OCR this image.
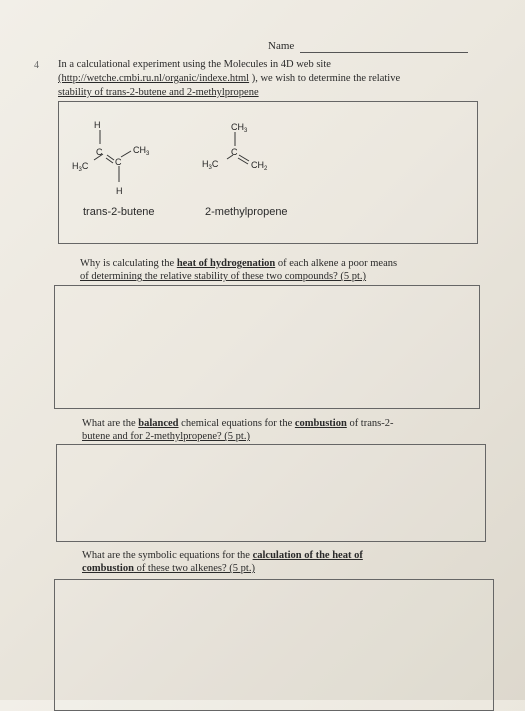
Name
4 In a calculational experiment using the Molecules in 4D web site
(http://wetche.cmbi.ru.nl/organic/indexe.html ), we wish to determine the relative
stability of trans-2-butene and 2-methylpropene
H
C	$CH_3$
$H_3C$	C
H
$CH_3$
C
$H_3C$	$CH_2$
trans-2-butene	2-methylpropene
Why is calculating the heat of hydrogenation of each alkene a poor means
of determining the relative stability of these two compounds? (5 pt.)
What are the balanced chemical equations for the combustion of trans-2-
butene and for 2-methylpropene? (5 pt.)
What are the symbolic equations for the calculation of the heat of
combustion of these two alkenes? (5 pt.)
